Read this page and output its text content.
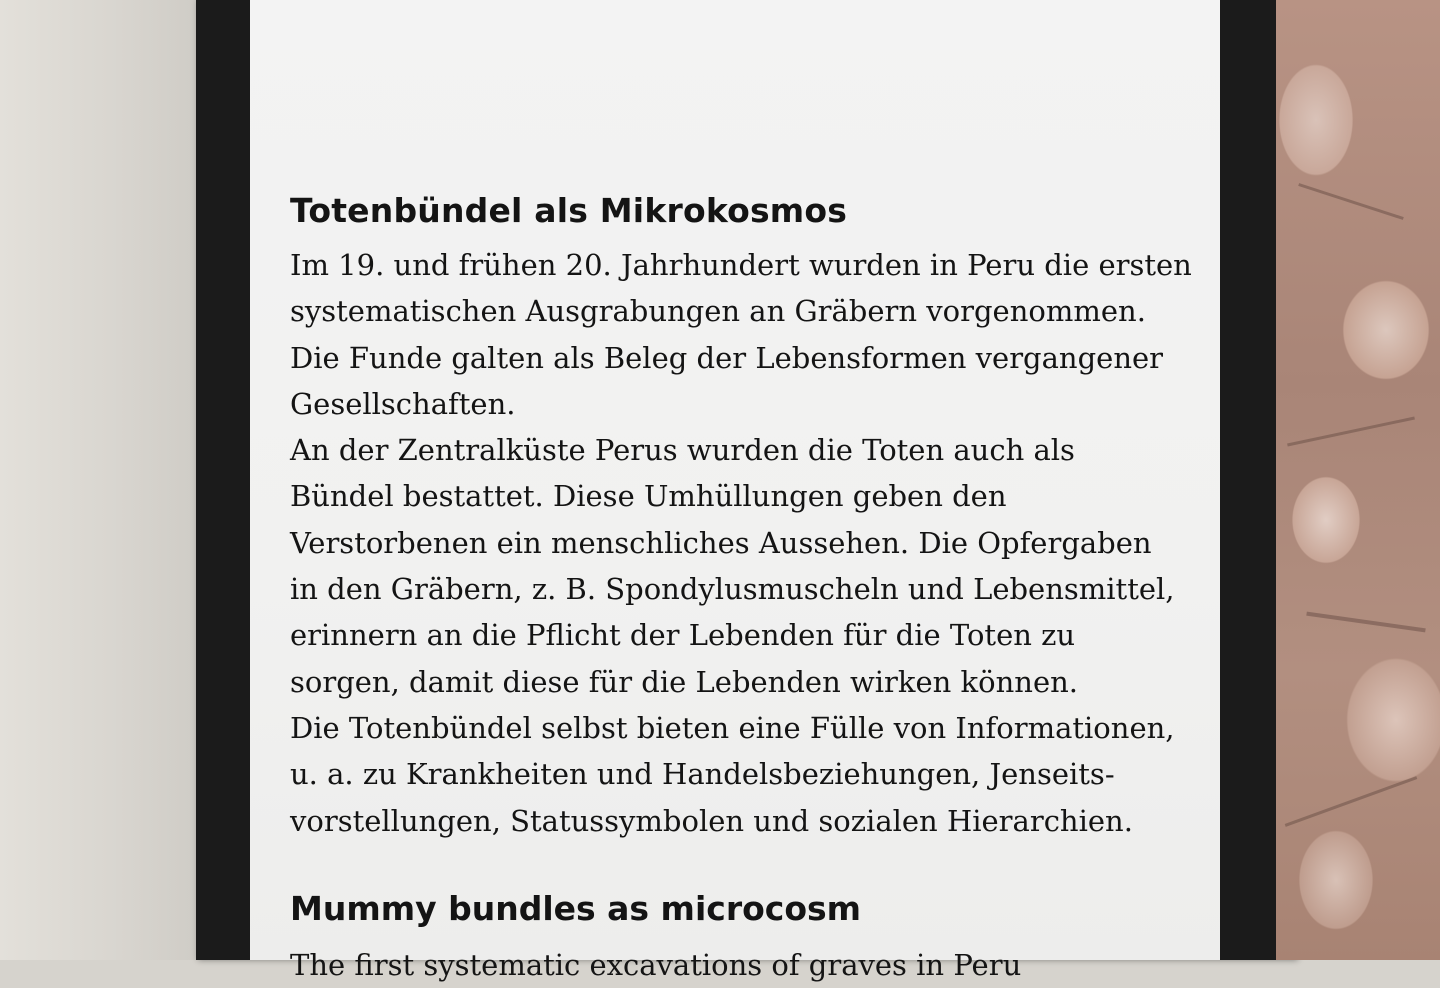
Totenbündel als Mikrokosmos

Im 19. und frühen 20. Jahrhundert wurden in Peru die ersten

systematischen Ausgrabungen an Gräbern vorgenommen.

Die Funde galten als Beleg der Lebensformen vergangener

Gesellschaften.

An der Zentralküste Perus wurden die Toten auch als

Bündel bestattet. Diese Umhüllungen geben den

Verstorbenen ein menschliches Aussehen. Die Opfergaben

in den Gräbern, z. B. Spondylusmuscheln und Lebensmittel,

erinnern an die Pflicht der Lebenden für die Toten zu

sorgen, damit diese für die Lebenden wirken können.

Die Totenbündel selbst bieten eine Fülle von Informationen,

u. a. zu Krankheiten und Handelsbeziehungen, Jenseits-

vorstellungen, Statussymbolen und sozialen Hierarchien.

Mummy bundles as microcosm
The first systematic excavations of graves in Peru
